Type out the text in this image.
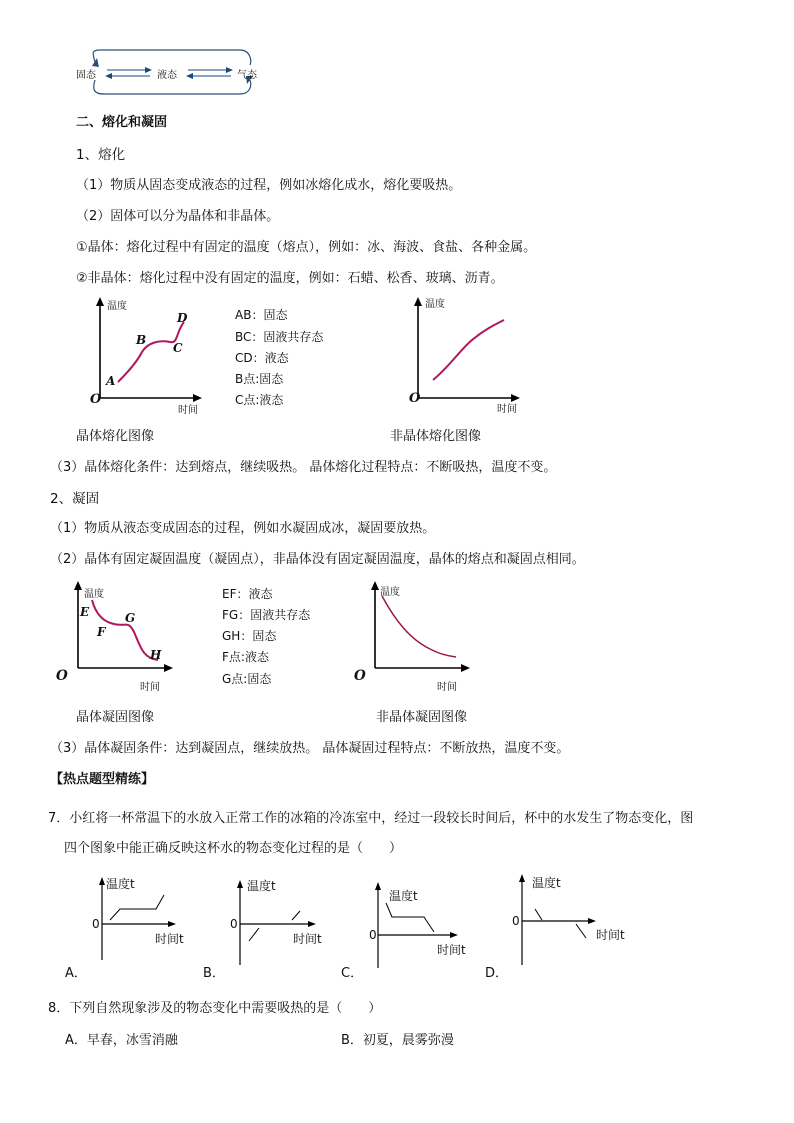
固态	液态	气态
二、熔化和凝固
1、熔化
（1）物质从固态变成液态的过程，例如冰熔化成水，熔化要吸热。
（2）固体可以分为晶体和非晶体。
①晶体：熔化过程中有固定的温度（熔点），例如：冰、海波、食盐、各种金属。
②非晶体：熔化过程中没有固定的温度，例如：石蜡、松香、玻璃、沥青。
温度
时间
O
A
B
C
D	AB：固态
BC：固液共存态
CD：液态
B点:固态
C点:液态
温度
时间
O
晶体熔化图像	非晶体熔化图像
（3）晶体熔化条件：达到熔点，继续吸热。 晶体熔化过程特点：不断吸热，温度不变。
2、凝固
（1）物质从液态变成固态的过程，例如水凝固成冰，凝固要放热。
（2）晶体有固定凝固温度（凝固点），非晶体没有固定凝固温度，晶体的熔点和凝固点相同。
温度
时间
O
E
F
G
H
EF：液态
FG：固液共存态
GH：固态
F点:液态
G点:固态
温度
时间
O
晶体凝固图像	非晶体凝固图像
（3）晶体凝固条件：达到凝固点，继续放热。 晶体凝固过程特点：不断放热，温度不变。
【热点题型精练】
7．小红将一杯常温下的水放入正常工作的冰箱的冷冻室中，经过一段较长时间后，杯中的水发生了物态变化，图
四个图象中能正确反映这杯水的物态变化过程的是（　　）
温度t
时间t
0
温度t
时间t
0
温度t
时间t
0
温度t
时间t
0
A．	B．	C．	D．
8．下列自然现象涉及的物态变化中需要吸热的是（　　）
A．早春，冰雪消融	B．初夏，晨雾弥漫
